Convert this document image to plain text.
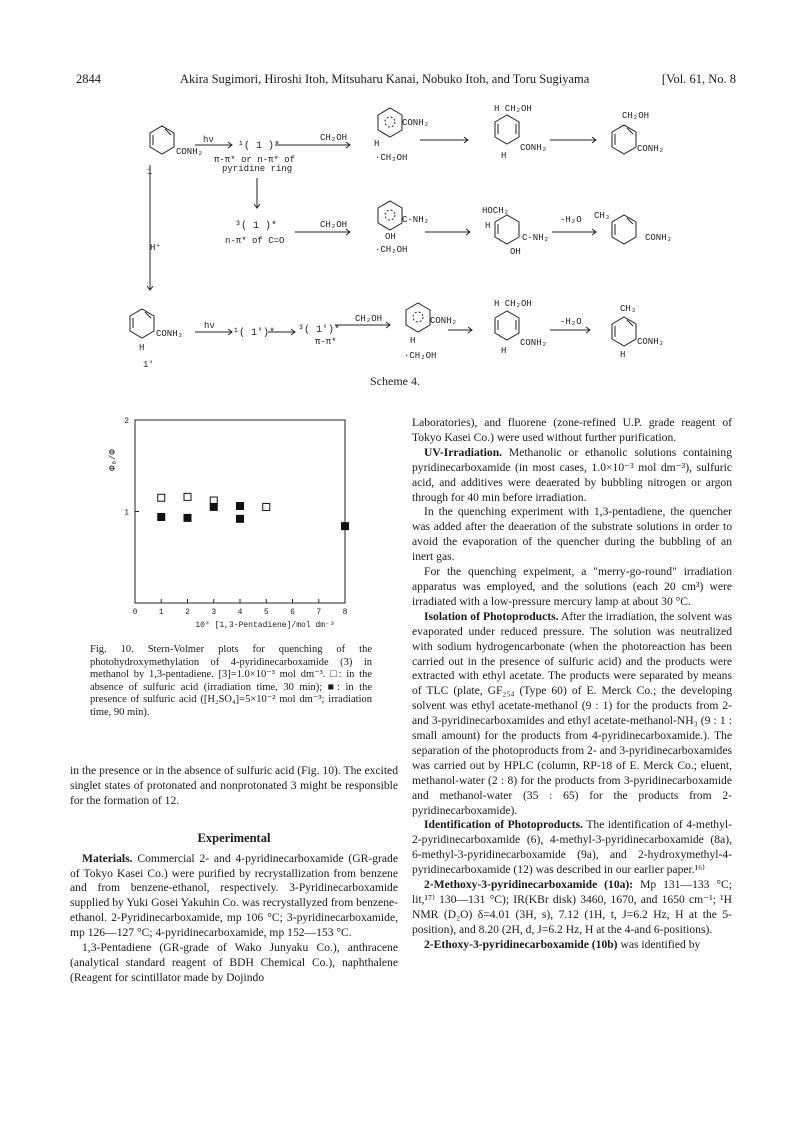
2844	Akira Sugimori, Hiroshi Itoh, Mitsuharu Kanai, Nobuko Itoh, and Toru Sugiyama	[Vol. 61, No. 8
CONH₂
1
hν
¹( 1 )*
π-π* or n-π* of
pyridine ring
CH₂OH
CONH₂
H
·CH₂OH
H CH₂OH
CONH₂
H
CH₂OH
CONH₂
³( 1 )*
n-π* of C=O
H⁺
CH₂OH	C-NH₂
OH
·CH₂OH
HOCH₂
H
C-NH₂
OH
-H₂O CH₃
CONH₂
CONH₂
H
1'
hν
¹( 1')* ³( 1')*
π-π*
CH₂OH	CONH₂
H
·CH₂OH
H CH₂OH
CONH₂
H
-H₂O
CH₃
CONH₂
H
Scheme 4.
0	1	2	3	4	5	6	7	8
1
2
10⁴ [1,3-Pentadiene]/mol dm⁻³
Φ₀/Φ
Fig. 10. Stern-Volmer plots for quenching of the photohydroxymethylation of 4-pyridinecarboxamide (3) in methanol by 1,3-pentadiene. [3]=1.0×10⁻³ mol dm⁻³. □: in the absence of sulfuric acid (irradiation time, 30 min); ■: in the presence of sulfuric acid ([H₂SO₄]=5×10⁻² mol dm⁻³; irradiation time, 90 min).

in the presence or in the absence of sulfuric acid (Fig. 10). The excited singlet states of protonated and nonprotonated 3 might be responsible for the formation of 12.

Experimental

Materials. Commercial 2- and 4-pyridinecarboxamide (GR-grade of Tokyo Kasei Co.) were purified by recrystallization from benzene and from benzene-ethanol, respectively. 3-Pyridinecarboxamide supplied by Yuki Gosei Yakuhin Co. was recrystallyzed from benzene-ethanol. 2-Pyridinecarboxamide, mp 106 °C; 3-pyridinecarboxamide, mp 126—127 °C; 4-pyridinecarboxamide, mp 152—153 °C.

1,3-Pentadiene (GR-grade of Wako Junyaku Co.), anthracene (analytical standard reagent of BDH Chemical Co.), naphthalene (Reagent for scintillator made by Dojindo

Laboratories), and fluorene (zone-refined U.P. grade reagent of Tokyo Kasei Co.) were used without further purification.

UV-Irradiation. Methanolic or ethanolic solutions containing pyridinecarboxamide (in most cases, 1.0×10⁻³ mol dm⁻³), sulfuric acid, and additives were deaerated by bubbling nitrogen or argon through for 40 min before irradiation.

In the quenching experiment with 1,3-pentadiene, the quencher was added after the deaeration of the substrate solutions in order to avoid the evaporation of the quencher during the bubbling of an inert gas.

For the quenching expeiment, a "merry-go-round" irradiation apparatus was employed, and the solutions (each 20 cm³) were irradiated with a low-pressure mercury lamp at about 30 °C.

Isolation of Photoproducts. After the irradiation, the solvent was evaporated under reduced pressure. The solution was neutralized with sodium hydrogencarbonate (when the photoreaction has been carried out in the presence of sulfuric acid) and the products were extracted with ethyl acetate. The products were separated by means of TLC (plate, GF₂₅₄ (Type 60) of E. Merck Co.; the developing solvent was ethyl acetate-methanol (9 : 1) for the products from 2- and 3-pyridinecarboxamides and ethyl acetate-methanol-NH₃ (9 : 1 : small amount) for the products from 4-pyridinecarboxamide.). The separation of the photoproducts from 2- and 3-pyridinecarboxamides was carried out by HPLC (column, RP-18 of E. Merck Co.; eluent, methanol-water (2 : 8) for the products from 3-pyridinecarboxamide and methanol-water (35 : 65) for the products from 2-pyridinecarboxamide).

Identification of Photoproducts. The identification of 4-methyl-2-pyridinecarboxamide (6), 4-methyl-3-pyridinecarboxamide (8a), 6-methyl-3-pyridinecarboxamide (9a), and 2-hydroxymethyl-4-pyridinecarboxamide (12) was described in our earlier paper.¹⁶⁾

2-Methoxy-3-pyridinecarboxamide (10a): Mp 131—133 °C; lit,¹⁷⁾ 130—131 °C); IR(KBr disk) 3460, 1670, and 1650 cm⁻¹; ¹H NMR (D₂O) δ=4.01 (3H, s), 7.12 (1H, t, J=6.2 Hz, H at the 5-position), and 8.20 (2H, d, J=6.2 Hz, H at the 4-and 6-positions).

2-Ethoxy-3-pyridinecarboxamide (10b) was identified by
